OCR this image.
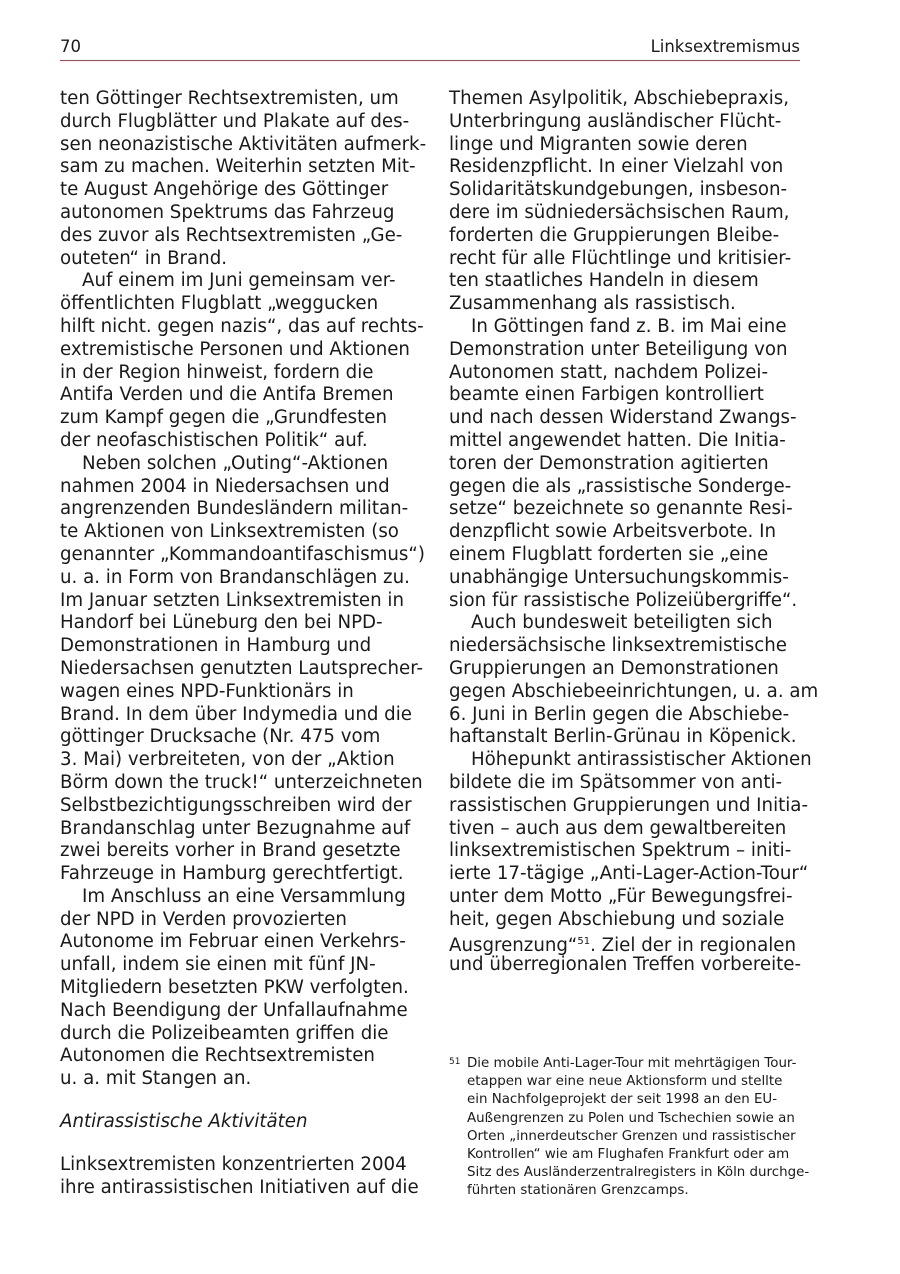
70	Linksextremismus
ten Göttinger Rechtsextremisten, um
durch Flugblätter und Plakate auf des-
sen neonazistische Aktivitäten aufmerk-
sam zu machen. Weiterhin setzten Mit-
te August Angehörige des Göttinger
autonomen Spektrums das Fahrzeug
des zuvor als Rechtsextremisten „Ge-
outeten“ in Brand.
Auf einem im Juni gemeinsam ver-
öffentlichten Flugblatt „weggucken
hilft nicht. gegen nazis“, das auf rechts-
extremistische Personen und Aktionen
in der Region hinweist, fordern die
Antifa Verden und die Antifa Bremen
zum Kampf gegen die „Grundfesten
der neofaschistischen Politik“ auf.
Neben solchen „Outing“-Aktionen
nahmen 2004 in Niedersachsen und
angrenzenden Bundesländern militan-
te Aktionen von Linksextremisten (so
genannter „Kommandoantifaschismus“)
u. a. in Form von Brandanschlägen zu.
Im Januar setzten Linksextremisten in
Handorf bei Lüneburg den bei NPD-
Demonstrationen in Hamburg und
Niedersachsen genutzten Lautsprecher-
wagen eines NPD-Funktionärs in
Brand. In dem über Indymedia und die
göttinger Drucksache (Nr. 475 vom
3. Mai) verbreiteten, von der „Aktion
Börm down the truck!“ unterzeichneten
Selbstbezichtigungsschreiben wird der
Brandanschlag unter Bezugnahme auf
zwei bereits vorher in Brand gesetzte
Fahrzeuge in Hamburg gerechtfertigt.
Im Anschluss an eine Versammlung
der NPD in Verden provozierten
Autonome im Februar einen Verkehrs-
unfall, indem sie einen mit fünf JN-
Mitgliedern besetzten PKW verfolgten.
Nach Beendigung der Unfallaufnahme
durch die Polizeibeamten griffen die
Autonomen die Rechtsextremisten
u. a. mit Stangen an.
Antirassistische Aktivitäten
Linksextremisten konzentrierten 2004
ihre antirassistischen Initiativen auf die
Themen Asylpolitik, Abschiebepraxis,
Unterbringung ausländischer Flücht-
linge und Migranten sowie deren
Residenzpflicht. In einer Vielzahl von
Solidaritätskundgebungen, insbeson-
dere im südniedersächsischen Raum,
forderten die Gruppierungen Bleibe-
recht für alle Flüchtlinge und kritisier-
ten staatliches Handeln in diesem
Zusammenhang als rassistisch.
In Göttingen fand z. B. im Mai eine
Demonstration unter Beteiligung von
Autonomen statt, nachdem Polizei-
beamte einen Farbigen kontrolliert
und nach dessen Widerstand Zwangs-
mittel angewendet hatten. Die Initia-
toren der Demonstration agitierten
gegen die als „rassistische Sonderge-
setze“ bezeichnete so genannte Resi-
denzpflicht sowie Arbeitsverbote. In
einem Flugblatt forderten sie „eine
unabhängige Untersuchungskommis-
sion für rassistische Polizeiübergriffe“.
Auch bundesweit beteiligten sich
niedersächsische linksextremistische
Gruppierungen an Demonstrationen
gegen Abschiebeeinrichtungen, u. a. am
6. Juni in Berlin gegen die Abschiebe-
haftanstalt Berlin-Grünau in Köpenick.
Höhepunkt antirassistischer Aktionen
bildete die im Spätsommer von anti-
rassistischen Gruppierungen und Initia-
tiven – auch aus dem gewaltbereiten
linksextremistischen Spektrum – initi-
ierte 17-tägige „Anti-Lager-Action-Tour“
unter dem Motto „Für Bewegungsfrei-
heit, gegen Abschiebung und soziale
Ausgrenzung“$^{51}$. Ziel der in regionalen
und überregionalen Treffen vorbereite-
51 Die mobile Anti-Lager-Tour mit mehrtägigen Tour-
etappen war eine neue Aktionsform und stellte
ein Nachfolgeprojekt der seit 1998 an den EU-
Außengrenzen zu Polen und Tschechien sowie an
Orten „innerdeutscher Grenzen und rassistischer
Kontrollen“ wie am Flughafen Frankfurt oder am
Sitz des Ausländerzentralregisters in Köln durchge-
führten stationären Grenzcamps.
